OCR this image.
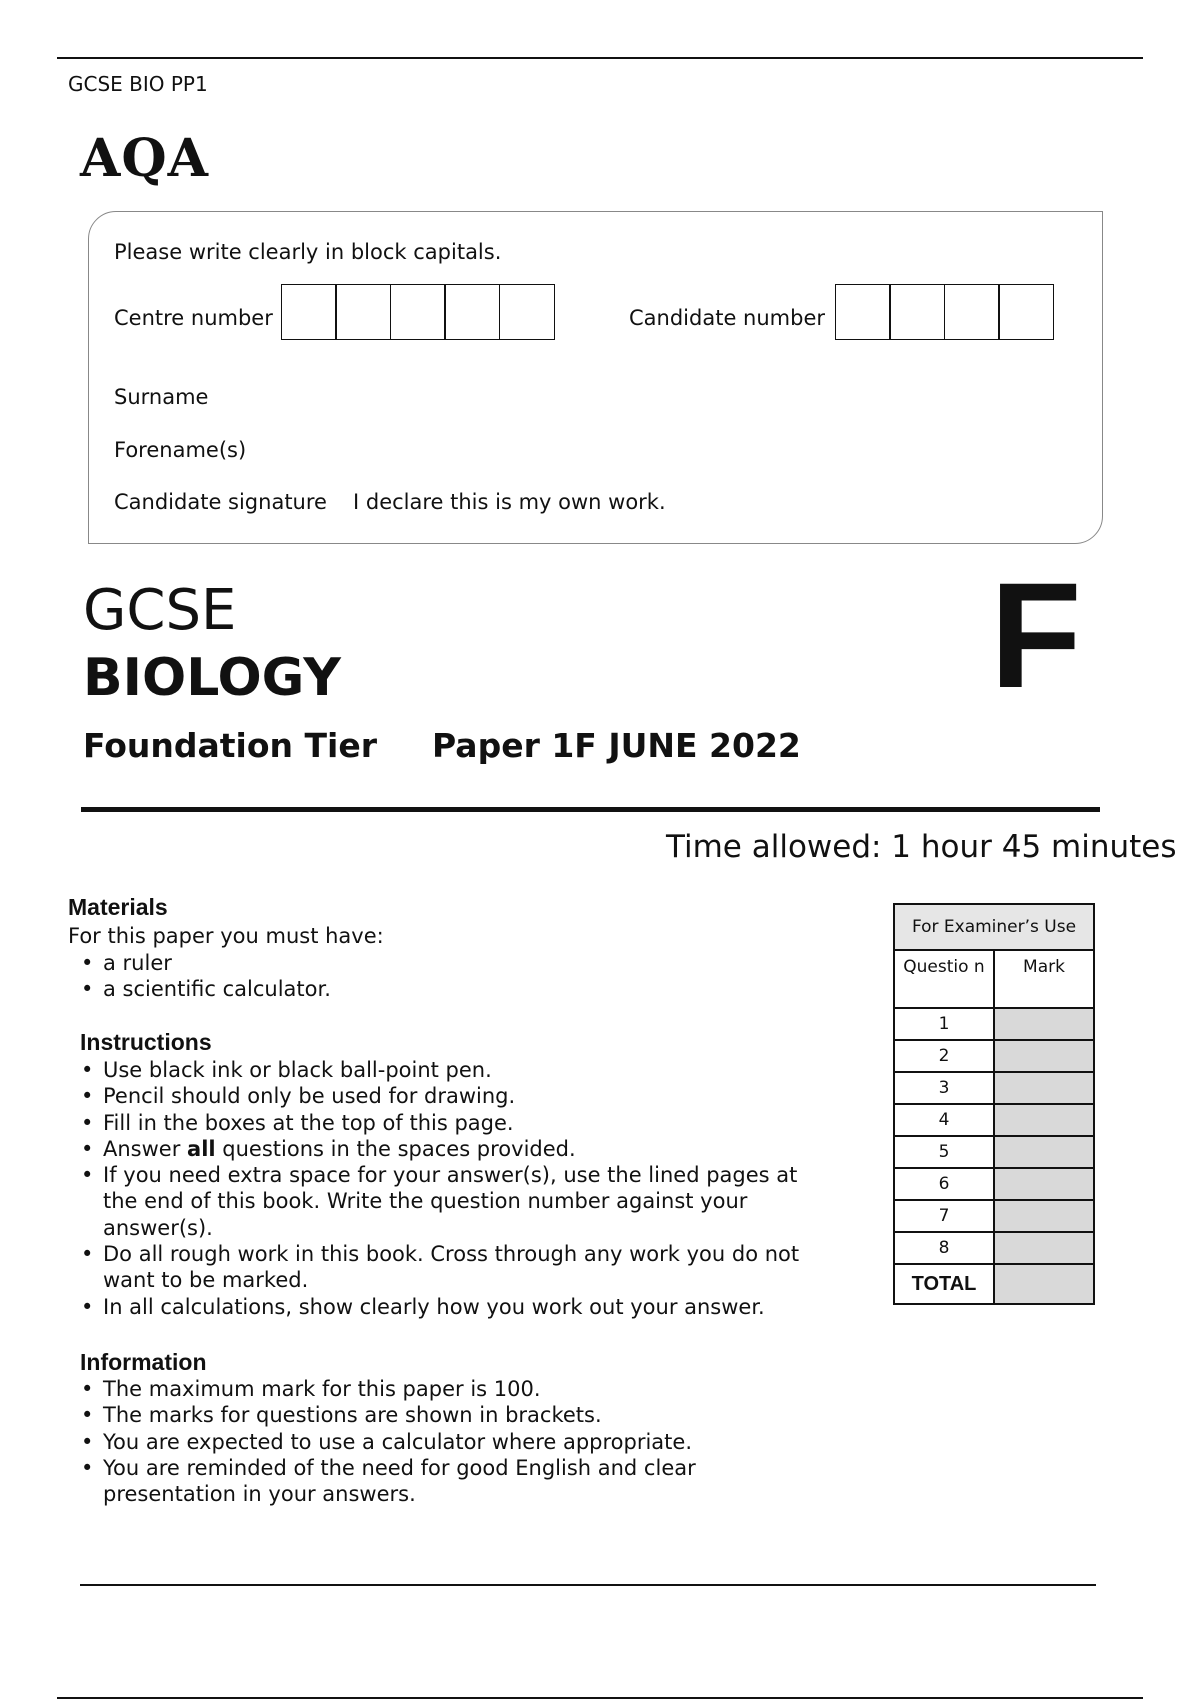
GCSE BIO PP1
AQA
Please write clearly in block capitals.
Centre number	Candidate number
Surname
Forename(s)
Candidate signature I declare this is my own work.
GCSE
BIOLOGY
Foundation Tier Paper 1F JUNE 2022
F
Time allowed: 1 hour 45 minutes
Materials
For this paper you must have:
• a ruler
• a scientific calculator.
Instructions
• Use black ink or black ball-point pen.
• Pencil should only be used for drawing.
• Fill in the boxes at the top of this page.
• Answer all questions in the spaces provided.
• If you need extra space for your answer(s), use the lined pages at the end of this book. Write the question number against your answer(s).
• Do all rough work in this book. Cross through any work you do not want to be marked.
• In all calculations, show clearly how you work out your answer.
Information
• The maximum mark for this paper is 100.
• The marks for questions are shown in brackets.
• You are expected to use a calculator where appropriate.
• You are reminded of the need for good English and clear presentation in your answers.
For Examiner’s Use	
Questio n	Mark
1	
2	
3	
4	
5	
6	
7	
8	
TOTAL	
